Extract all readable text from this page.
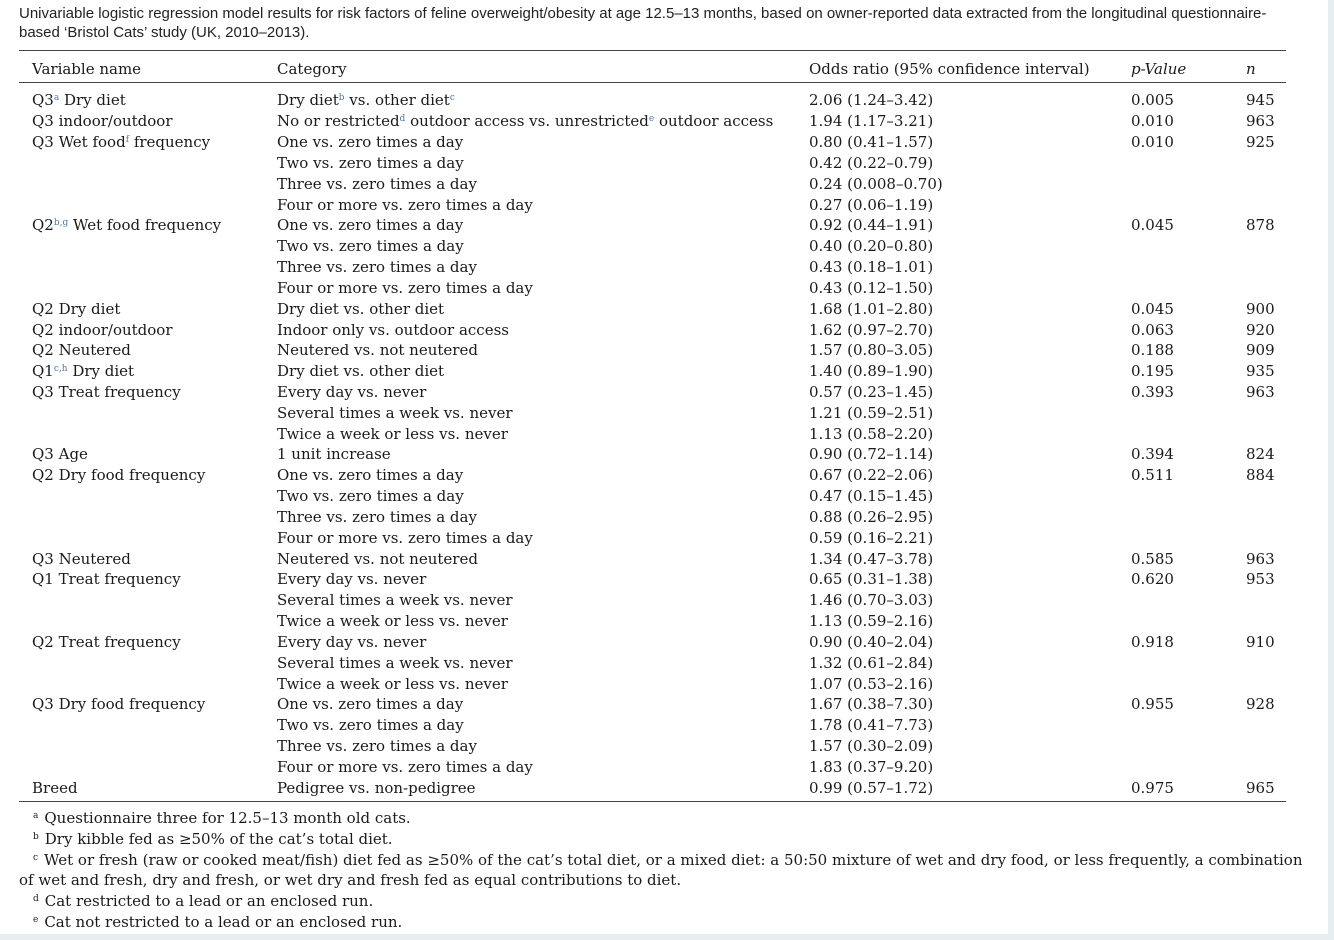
Univariable logistic regression model results for risk factors of feline overweight/obesity at age 12.5–13 months, based on owner-reported data extracted from the longitudinal questionnaire-based ‘Bristol Cats’ study (UK, 2010–2013).
Variable name	Category	Odds ratio (95% confidence interval)	p-Value	n

Q3$^a$ Dry diet	Dry diet$^b$ vs. other diet$^c$	2.06 (1.24–3.42)	0.005	945
Q3 indoor/outdoor	No or restricted$^d$ outdoor access vs. unrestricted$^e$ outdoor access	1.94 (1.17–3.21)	0.010	963
Q3 Wet food$^f$ frequency	One vs. zero times a day	0.80 (0.41–1.57)	0.010	925
	Two vs. zero times a day	0.42 (0.22–0.79)		
	Three vs. zero times a day	0.24 (0.008–0.70)		
	Four or more vs. zero times a day	0.27 (0.06–1.19)		
Q2$^{b,g}$ Wet food frequency	One vs. zero times a day	0.92 (0.44–1.91)	0.045	878
	Two vs. zero times a day	0.40 (0.20–0.80)		
	Three vs. zero times a day	0.43 (0.18–1.01)		
	Four or more vs. zero times a day	0.43 (0.12–1.50)		
Q2 Dry diet	Dry diet vs. other diet	1.68 (1.01–2.80)	0.045	900
Q2 indoor/outdoor	Indoor only vs. outdoor access	1.62 (0.97–2.70)	0.063	920
Q2 Neutered	Neutered vs. not neutered	1.57 (0.80–3.05)	0.188	909
Q1$^{c,h}$ Dry diet	Dry diet vs. other diet	1.40 (0.89–1.90)	0.195	935
Q3 Treat frequency	Every day vs. never	0.57 (0.23–1.45)	0.393	963
	Several times a week vs. never	1.21 (0.59–2.51)		
	Twice a week or less vs. never	1.13 (0.58–2.20)		
Q3 Age	1 unit increase	0.90 (0.72–1.14)	0.394	824
Q2 Dry food frequency	One vs. zero times a day	0.67 (0.22–2.06)	0.511	884
	Two vs. zero times a day	0.47 (0.15–1.45)		
	Three vs. zero times a day	0.88 (0.26–2.95)		
	Four or more vs. zero times a day	0.59 (0.16–2.21)		
Q3 Neutered	Neutered vs. not neutered	1.34 (0.47–3.78)	0.585	963
Q1 Treat frequency	Every day vs. never	0.65 (0.31–1.38)	0.620	953
	Several times a week vs. never	1.46 (0.70–3.03)		
	Twice a week or less vs. never	1.13 (0.59–2.16)		
Q2 Treat frequency	Every day vs. never	0.90 (0.40–2.04)	0.918	910
	Several times a week vs. never	1.32 (0.61–2.84)		
	Twice a week or less vs. never	1.07 (0.53–2.16)		
Q3 Dry food frequency	One vs. zero times a day	1.67 (0.38–7.30)	0.955	928
	Two vs. zero times a day	1.78 (0.41–7.73)		
	Three vs. zero times a day	1.57 (0.30–2.09)		
	Four or more vs. zero times a day	1.83 (0.37–9.20)		
Breed	Pedigree vs. non-pedigree	0.99 (0.57–1.72)	0.975	965
$^a$ Questionnaire three for 12.5–13 month old cats.
$^b$ Dry kibble fed as ≥50% of the cat’s total diet.
$^c$ Wet or fresh (raw or cooked meat/fish) diet fed as ≥50% of the cat’s total diet, or a mixed diet: a 50:50 mixture of wet and dry food, or less frequently, a combination of wet and fresh, dry and fresh, or wet dry and fresh fed as equal contributions to diet.
$^d$ Cat restricted to a lead or an enclosed run.
$^e$ Cat not restricted to a lead or an enclosed run.
